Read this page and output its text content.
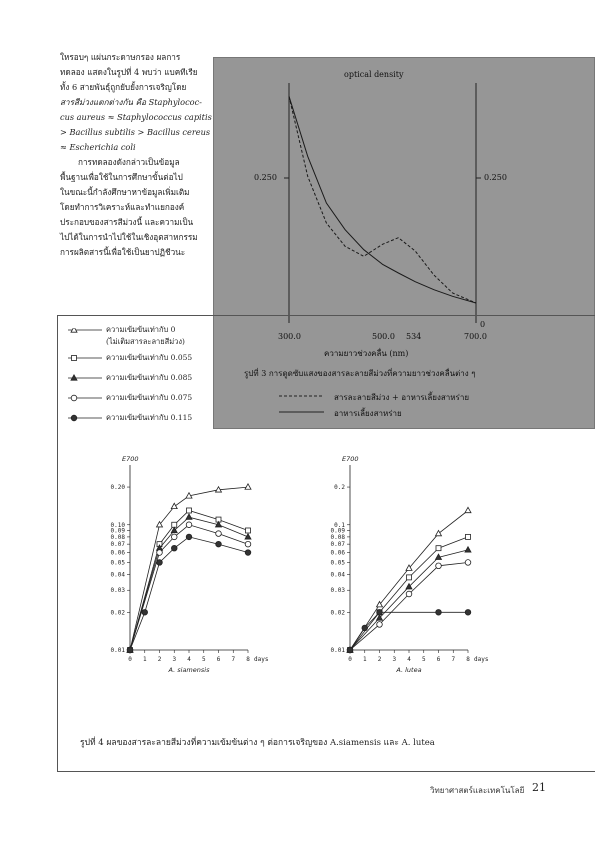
ใหรอบๆ แผ่นกระดาษกรอง ผลการ

ทดลอง แสดงในรูปที่ 4 พบว่า แบคทีเรีย

ทั้ง 6 สายพันธุ์ถูกยับยั้งการเจริญโดย

สารสีม่วงแตกต่างกัน คือ Staphylococ-

cus aureus ≈ Staphylococcus capitis

> Bacillus subtilis > Bacillus cereus

≈ Escherichia coli

การทดลองดังกล่าวเป็นข้อมูล

พื้นฐานเพื่อใช้ในการศึกษาขั้นต่อไป

ในขณะนี้กำลังศึกษาหาข้อมูลเพิ่มเติม

โดยทำการวิเคราะห์และทำแยกองค์

ประกอบของสารสีม่วงนี้ และความเป็น

ไปได้ในการนำไปใช้ในเชิงอุตสาหกรรม

การผลิตสารนี้เพื่อใช้เป็นยาปฏิชีวนะ

optical density
0.250	0.250
0
300.0	500.0 534	700.0
ความยาวช่วงคลื่น (nm)
รูปที่ 3 การดูดซับแสงของสารละลายสีม่วงที่ความยาวช่วงคลื่นต่าง ๆ
สารละลายสีม่วง + อาหารเลี้ยงสาหร่าย
อาหารเลี้ยงสาหร่าย
ความเข้มข้นเท่ากับ 0
(ไม่เติมสารละลายสีม่วง)
ความเข้มข้นเท่ากับ 0.055
ความเข้มข้นเท่ากับ 0.085
ความเข้มข้นเท่ากับ 0.075
ความเข้มข้นเท่ากับ 0.115
0.01
0.02
0.03
0.04
0.05
0.06
0.07
0.08
0.09
0.10
0.20
0 1 2 3 4 5 6 7 8 days
E700
A. siamensis
0.01
0.02
0.03
0.04
0.05
0.06
0.07
0.08
0.09
0.1
0.2
0 1 2 3 4 5 6 7 8 days
E700
A. lutea
รูปที่ 4 ผลของสารละลายสีม่วงที่ความเข้มข้นต่าง ๆ ต่อการเจริญของ A.siamensis และ A. lutea
วิทยาศาสตร์และเทคโนโลยี 21
